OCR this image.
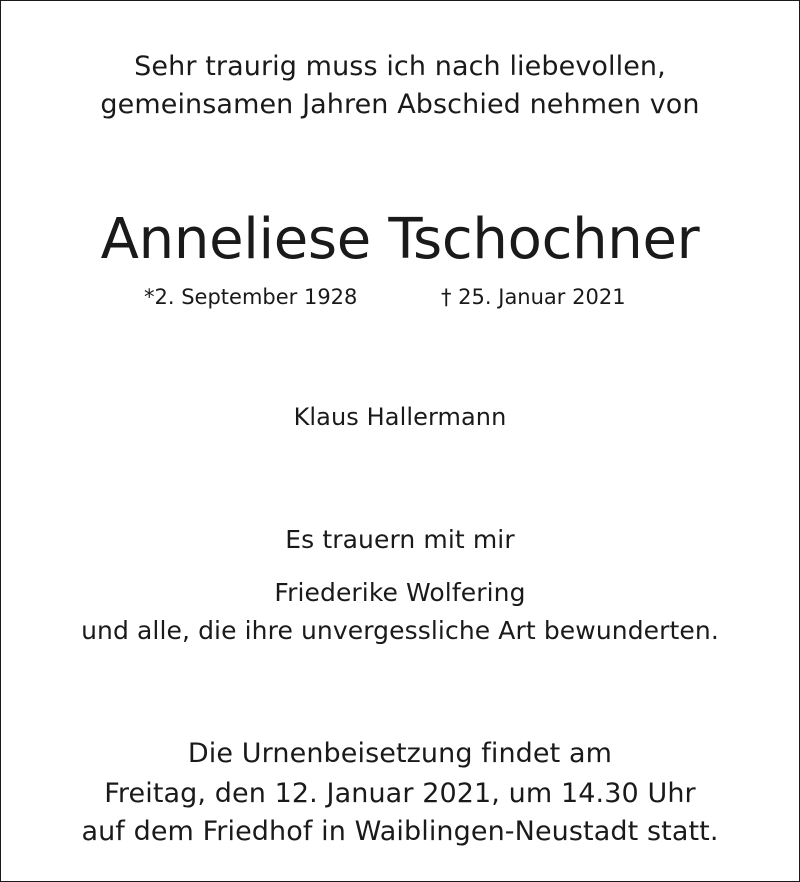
Sehr traurig muss ich nach liebevollen,
gemeinsamen Jahren Abschied nehmen von
Anneliese Tschochner
*2. September 1928	† 25. Januar 2021
Klaus Hallermann
Es trauern mit mir
Friederike Wolfering
und alle, die ihre unvergessliche Art bewunderten.
Die Urnenbeisetzung findet am
Freitag, den 12. Januar 2021, um 14.30 Uhr
auf dem Friedhof in Waiblingen-Neustadt statt.
